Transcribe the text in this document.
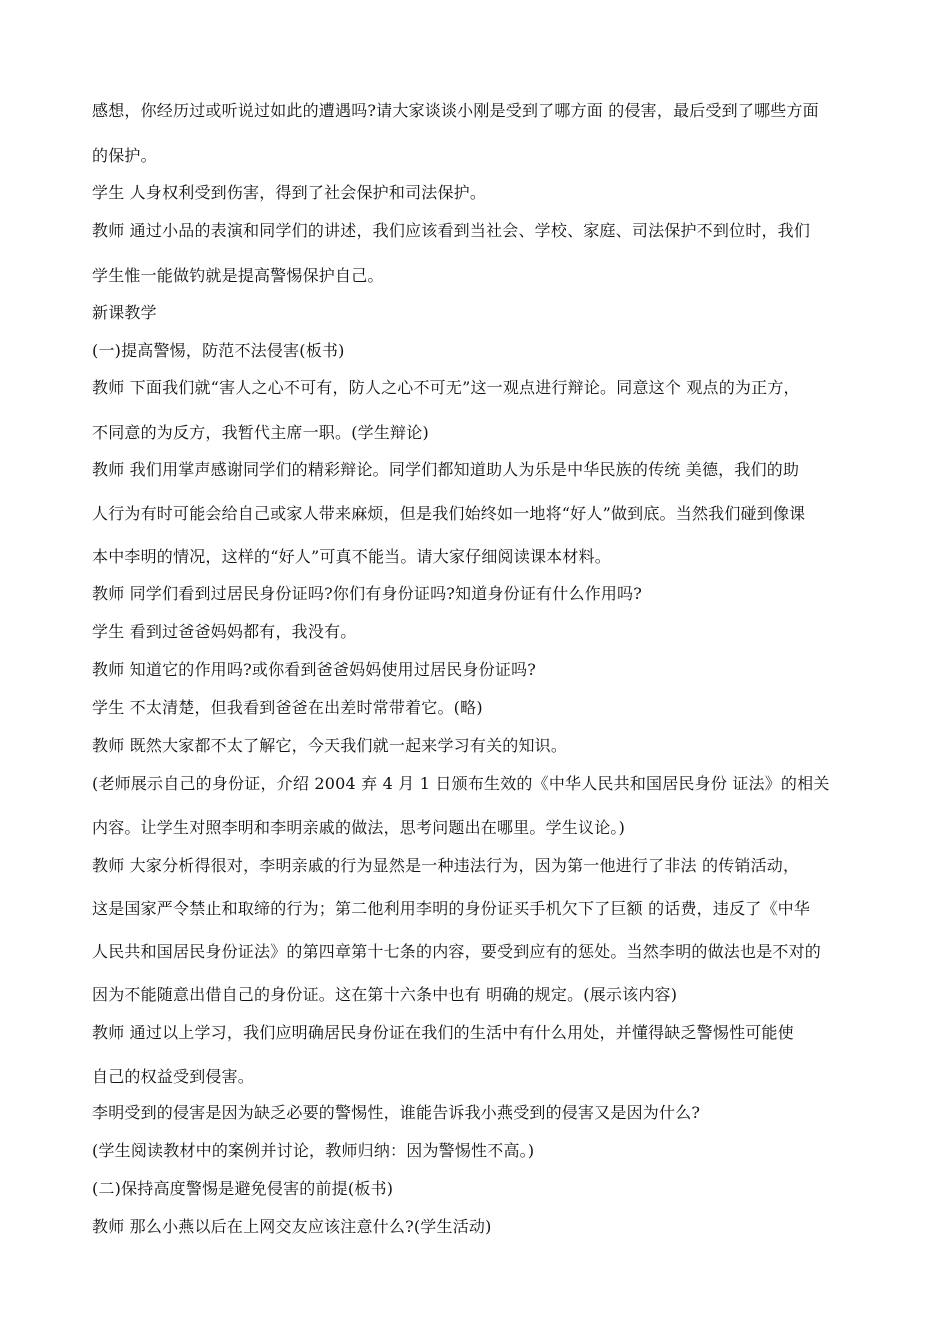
感想，你经历过或听说过如此的遭遇吗?请大家谈谈小刚是受到了哪方面 的侵害，最后受到了哪些方面
的保护。
学生 人身权利受到伤害，得到了社会保护和司法保护。
教师 通过小品的表演和同学们的讲述，我们应该看到当社会、学校、家庭、司法保护不到位时，我们
学生惟一能做钓就是提高警惕保护自己。
新课教学
(一)提高警惕，防范不法侵害(板书)
教师 下面我们就“害人之心不可有，防人之心不可无”这一观点进行辩论。同意这个 观点的为正方，
不同意的为反方，我暂代主席一职。(学生辩论)
教师 我们用掌声感谢同学们的精彩辩论。同学们都知道助人为乐是中华民族的传统 美德，我们的助
人行为有时可能会给自己或家人带来麻烦，但是我们始终如一地将“好人”做到底。当然我们碰到像课
本中李明的情况，这样的“好人”可真不能当。请大家仔细阅读课本材料。
教师 同学们看到过居民身份证吗?你们有身份证吗?知道身份证有什么作用吗?
学生 看到过爸爸妈妈都有，我没有。
教师 知道它的作用吗?或你看到爸爸妈妈使用过居民身份证吗?
学生 不太清楚，但我看到爸爸在出差时常带着它。(略)
教师 既然大家都不太了解它，今天我们就一起来学习有关的知识。
(老师展示自己的身份证，介绍 2004 弃 4 月 1 日颁布生效的《中华人民共和国居民身份 证法》的相关
内容。让学生对照李明和李明亲戚的做法，思考问题出在哪里。学生议论。)
教师 大家分析得很对，李明亲戚的行为显然是一种违法行为，因为第一他进行了非法 的传销活动，
这是国家严令禁止和取缔的行为；第二他利用李明的身份证买手机欠下了巨额 的话费，违反了《中华
人民共和国居民身份证法》的第四章第十七条的内容，要受到应有的惩处。当然李明的做法也是不对的
因为不能随意出借自己的身份证。这在第十六条中也有 明确的规定。(展示该内容)
教师 通过以上学习，我们应明确居民身份证在我们的生活中有什么用处，并懂得缺乏警惕性可能使
自己的权益受到侵害。
李明受到的侵害是因为缺乏必要的警惕性，谁能告诉我小燕受到的侵害又是因为什么?
(学生阅读教材中的案例并讨论，教师归纳：因为警惕性不高。)
(二)保持高度警惕是避免侵害的前提(板书)
教师 那么小燕以后在上网交友应该注意什么?(学生活动)
